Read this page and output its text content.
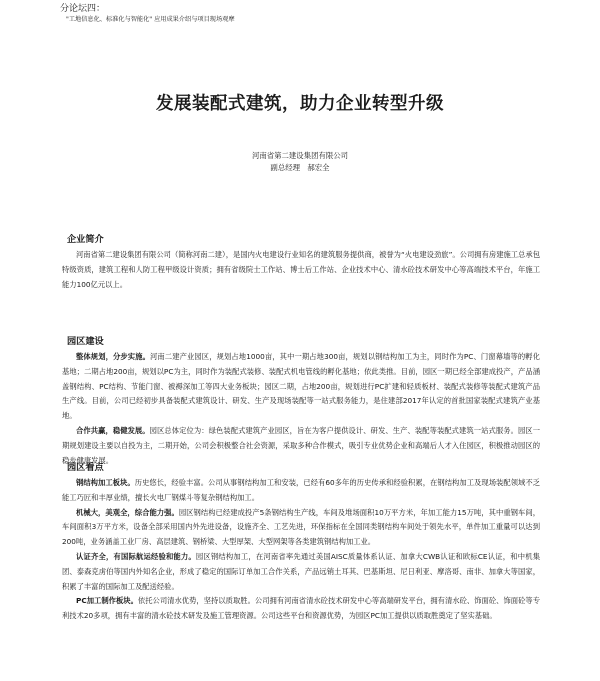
分论坛四：
"工地信息化、标准化与智能化" 应用成果介绍与项目现场观摩
发展装配式建筑，助力企业转型升级
河南省第二建设集团有限公司
副总经理　郝宏全
企业简介

河南省第二建设集团有限公司（简称河南二建），是国内火电建设行业知名的建筑服务提供商，被誉为“火电建设劲旅”。公司拥有房建施工总承包特级资质，建筑工程和人防工程甲级设计资质；拥有省级院士工作站、博士后工作站、企业技术中心、清水砼技术研发中心等高端技术平台，年施工能力100亿元以上。

园区建设

整体规划，分步实施。河南二建产业园区，规划占地1000亩，其中一期占地300亩，规划以钢结构加工为主，同时作为PC、门窗幕墙等的孵化基地；二期占地200亩，规划以PC为主，同时作为装配式装修、装配式机电管线的孵化基地；依此类推。目前，园区一期已经全部建成投产，产品涵盖钢结构、PC结构、节能门窗、被褥深加工等四大业务板块；园区二期，占地200亩，规划进行PC扩建和轻质板材、装配式装修等装配式建筑产品生产线。目前，公司已经初步具备装配式建筑设计、研发、生产及现场装配等一站式服务能力，是住建部2017年认定的首批国家装配式建筑产业基地。

合作共赢，稳健发展。园区总体定位为：绿色装配式建筑产业园区，旨在为客户提供设计、研发、生产、装配等装配式建筑一站式服务。园区一期规划建设主要以自投为主，二期开始，公司会积极整合社会资源，采取多种合作模式，吸引专业优势企业和高端后人才入住园区，积极推动园区的稳步健康发展。

园区看点

钢结构加工板块。历史悠长，经验丰富。公司从事钢结构加工和安装，已经有60多年的历史传承和经验积累，在钢结构加工及现场装配领域不乏能工巧匠和丰厚业绩，擅长火电厂钢煤斗等复杂钢结构加工。

机械大，美观全，综合能力强。园区钢结构已经建成投产5条钢结构生产线，车间及堆场面积10万平方米，年加工能力15万吨，其中重钢车间，车间面积3万平方米，设备全部采用国内外先进设备，设施齐全、工艺先进，环保指标在全国同类钢结构车间处于领先水平，单件加工重量可以达到200吨，业务涵盖工业厂房、高层建筑、钢桥梁、大型厚架、大型网架等各类建筑钢结构加工业。

认证齐全，有国际航运经验和能力。园区钢结构加工，在河南省率先通过美国AISC质量体系认证、加拿大CWB认证和欧标CE认证，和中机集团、泰森克虏伯等国内外知名企业，形成了稳定的国际订单加工合作关系，产品远销土耳其、巴基斯坦、尼日利亚、摩洛哥、南非、加拿大等国家，积累了丰富的国际加工及配送经验。

PC加工制作板块。依托公司清水优势，坚持以质取胜。公司拥有河南省清水砼技术研发中心等高端研发平台，拥有清水砼、饰面砼、饰面砼等专利技术20多项，拥有丰富的清水砼技术研发及施工管理资源。公司这些平台和资源优势，为园区PC加工提供以质取胜奠定了坚实基础。
